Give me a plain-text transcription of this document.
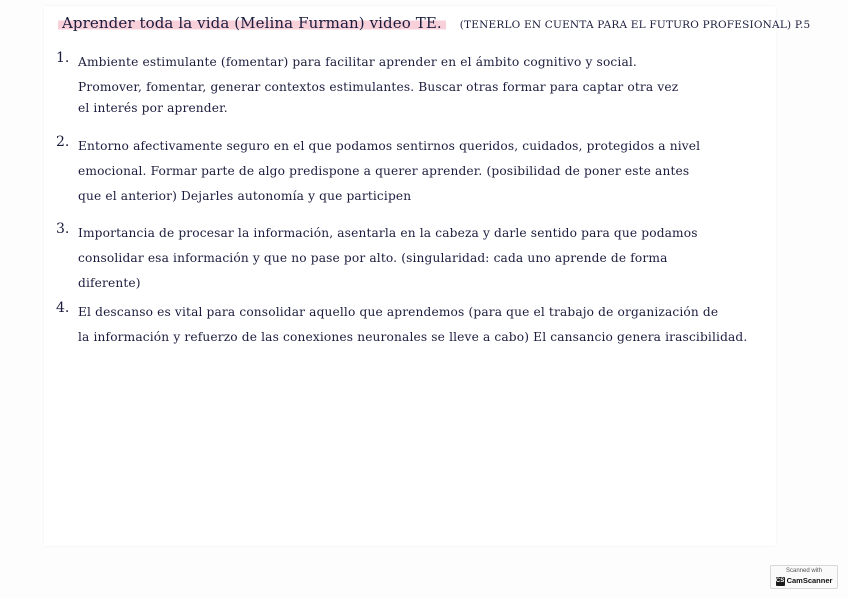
Aprender toda la vida (Melina Furman) video TE.	(TENERLO EN CUENTA PARA EL FUTURO PROFESIONAL) P.5
1. Ambiente estimulante (fomentar) para facilitar aprender en el ámbito cognitivo y social.
Promover, fomentar, generar contextos estimulantes. Buscar otras formar para captar otra vez
el interés por aprender.
2. Entorno afectivamente seguro en el que podamos sentirnos queridos, cuidados, protegidos a nivel
emocional. Formar parte de algo predispone a querer aprender. (posibilidad de poner este antes
que el anterior) Dejarles autonomía y que participen
3. Importancia de procesar la información, asentarla en la cabeza y darle sentido para que podamos
consolidar esa información y que no pase por alto. (singularidad: cada uno aprende de forma
diferente)
4. El descanso es vital para consolidar aquello que aprendemos (para que el trabajo de organización de
la información y refuerzo de las conexiones neuronales se lleve a cabo) El cansancio genera irascibilidad.
Scanned with
CS CamScanner
